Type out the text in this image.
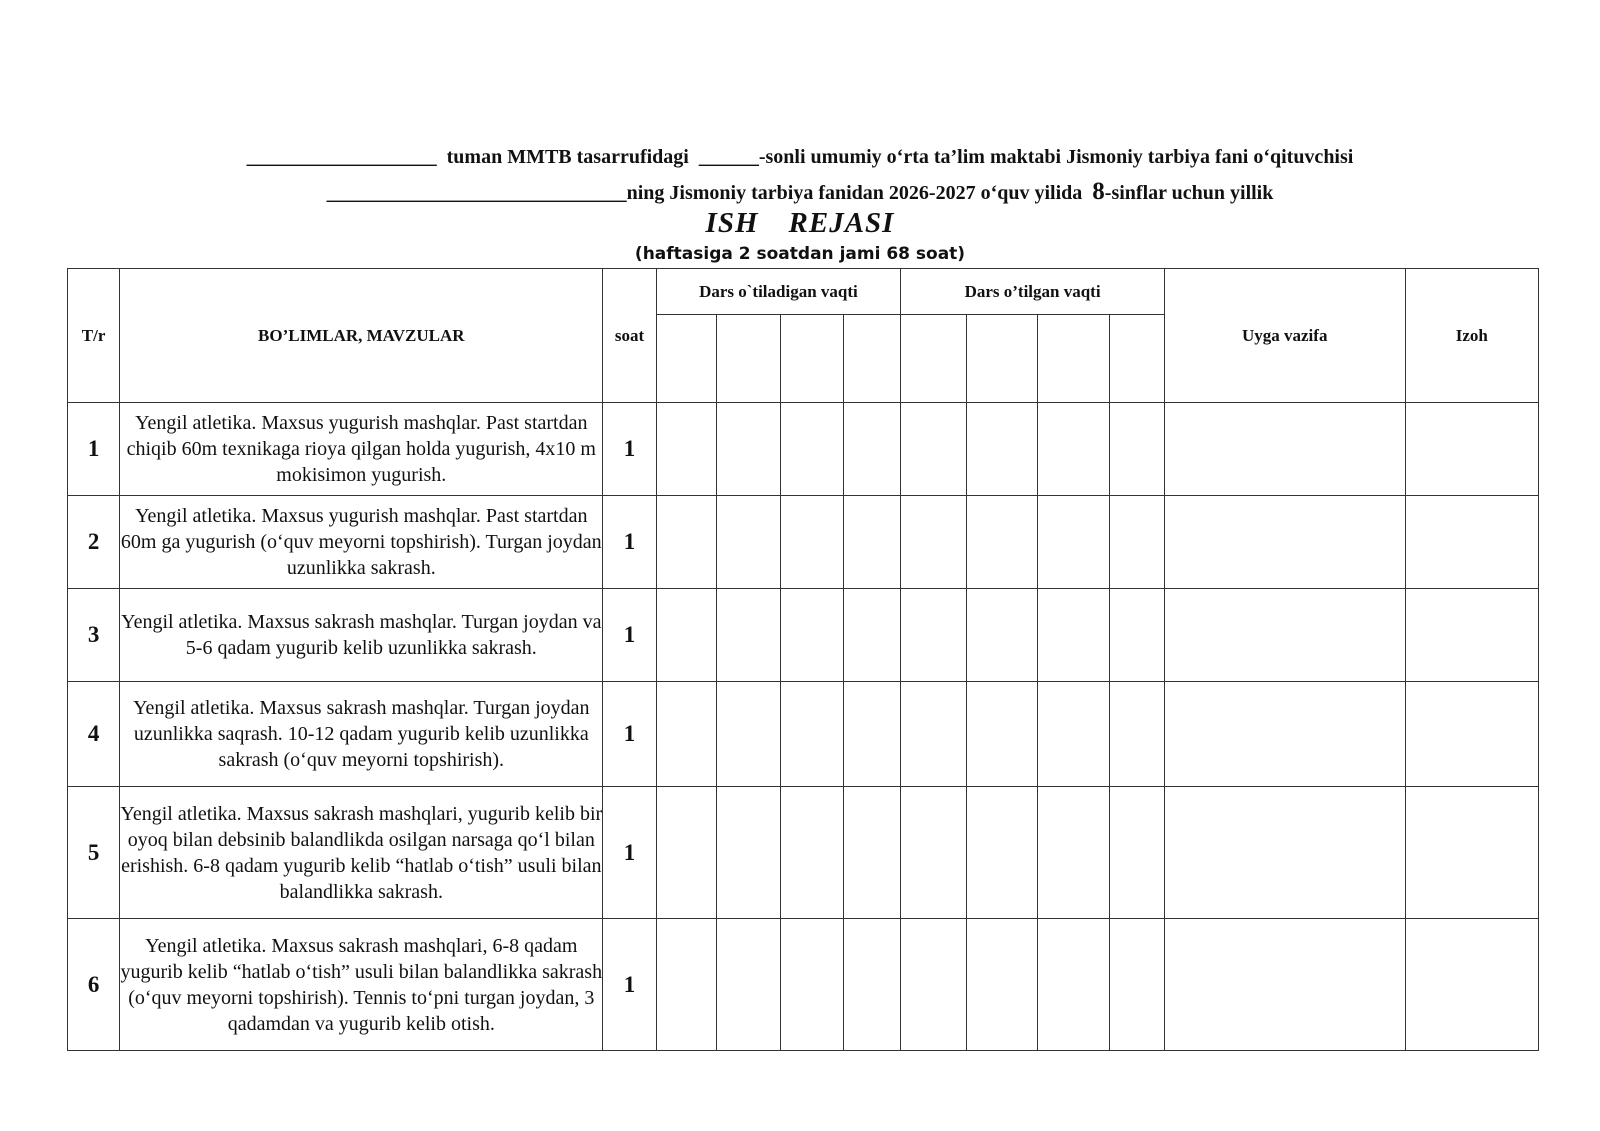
___________________ tuman MMTB tasarrufidagi ______-sonli umumiy oʻrta ta’lim maktabi Jismoniy tarbiya fani oʻqituvchisi
______________________________ning Jismoniy tarbiya fanidan 2026-2027 oʻquv yilida 8-sinflar uchun yillik
ISH REJASI
(haftasiga 2 soatdan jami 68 soat)
T/r	BO’LIMLAR, MAVZULAR	soat	Dars o`tiladigan vaqti				Dars o’tilgan vaqti				Uyga vazifa	Izoh

1	Yengil atletika. Maxsus yugurish mashqlar. Past startdan chiqib 60m texnikaga rioya qilgan holda yugurish, 4x10 m mokisimon yugurish.	1										
2	Yengil atletika. Maxsus yugurish mashqlar. Past startdan 60m ga yugurish (oʻquv meyorni topshirish). Turgan joydan uzunlikka sakrash.	1										
3	Yengil atletika. Maxsus sakrash mashqlar. Turgan joydan va 5-6 qadam yugurib kelib uzunlikka sakrash.	1										
4	Yengil atletika. Maxsus sakrash mashqlar. Turgan joydan uzunlikka saqrash. 10-12 qadam yugurib kelib uzunlikka sakrash (oʻquv meyorni topshirish).	1										
5	Yengil atletika. Maxsus sakrash mashqlari, yugurib kelib bir oyoq bilan debsinib balandlikda osilgan narsaga qoʻl bilan erishish. 6-8 qadam yugurib kelib “hatlab oʻtish” usuli bilan balandlikka sakrash.	1										
6	Yengil atletika. Maxsus sakrash mashqlari, 6-8 qadam yugurib kelib “hatlab oʻtish” usuli bilan balandlikka sakrash (oʻquv meyorni topshirish). Tennis toʻpni turgan joydan, 3 qadamdan va yugurib kelib otish.	1										
